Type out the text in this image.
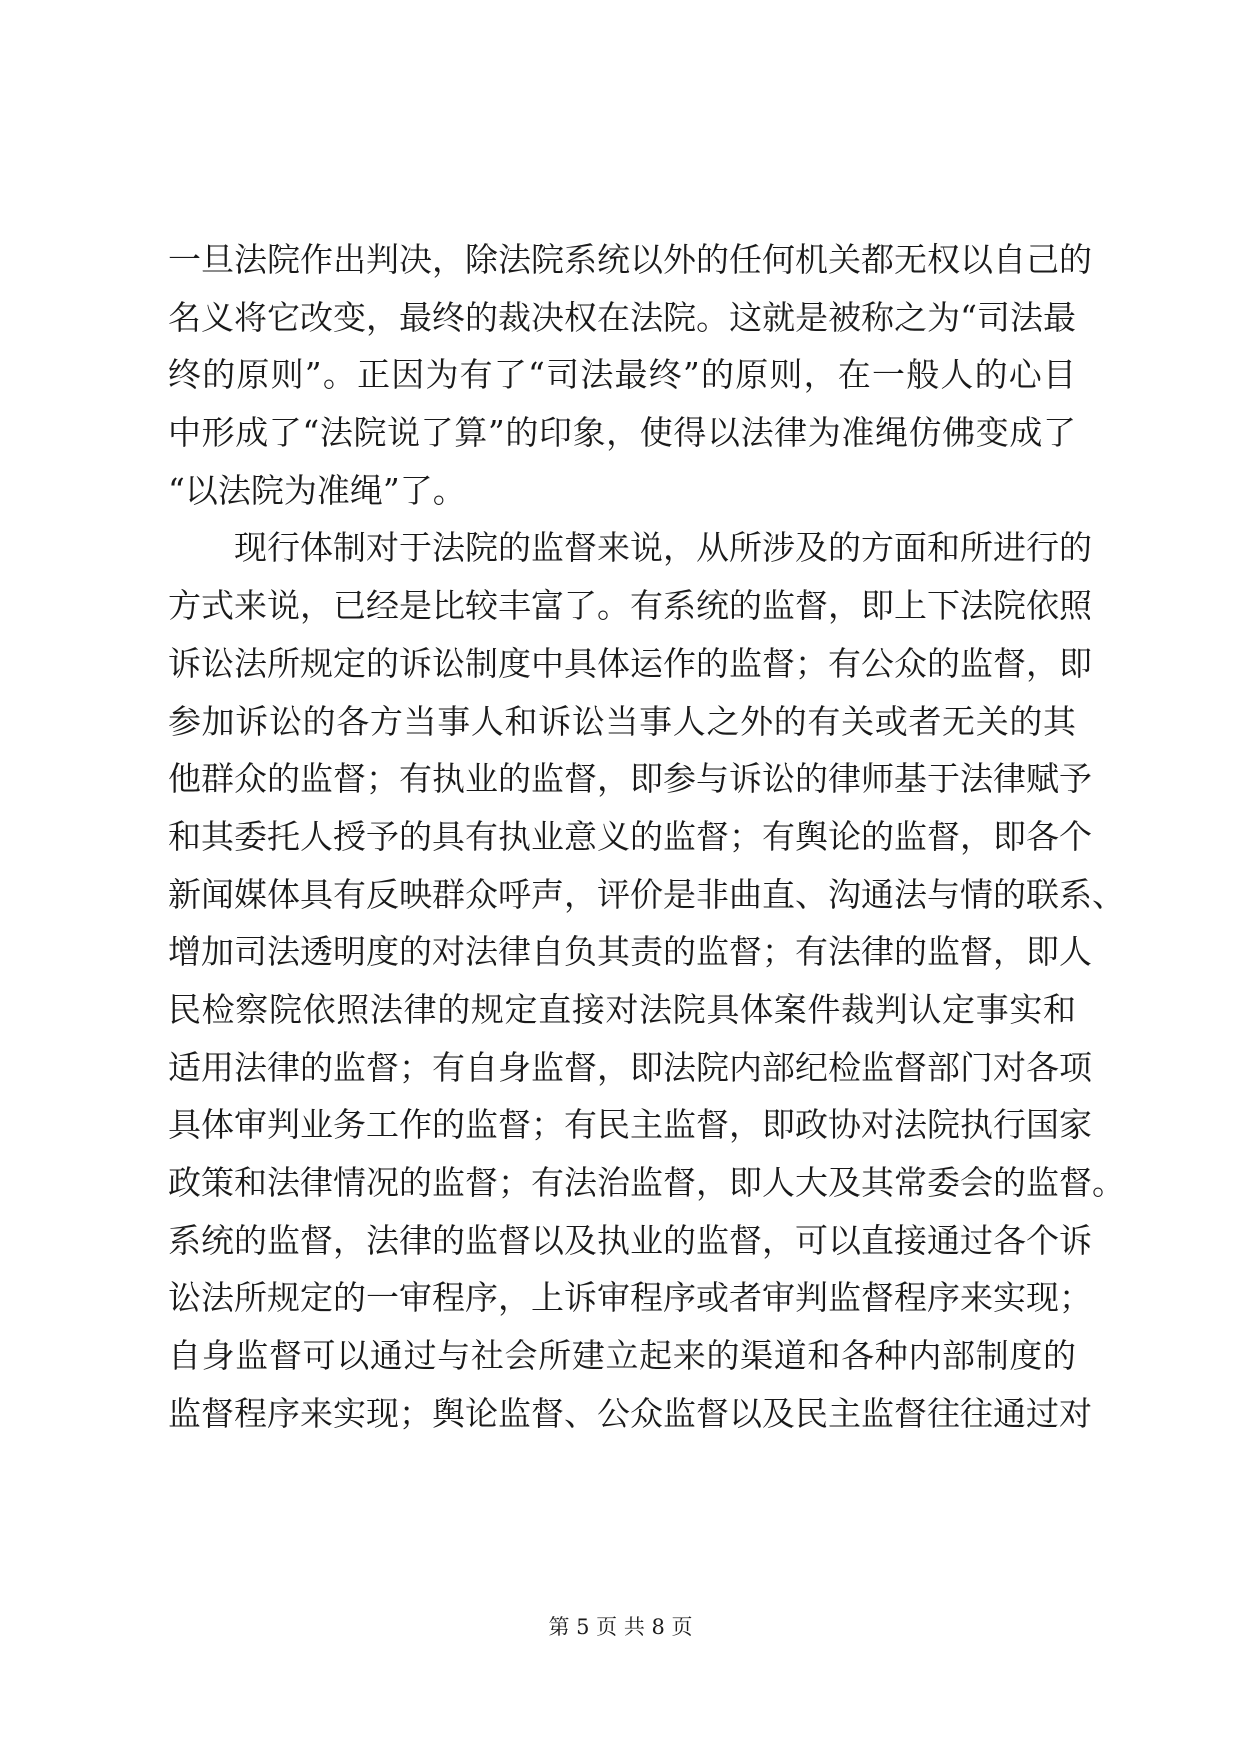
一旦法院作出判决，除法院系统以外的任何机关都无权以自己的
名义将它改变，最终的裁决权在法院。这就是被称之为“司法最
终的原则”。正因为有了“司法最终”的原则，在一般人的心目
中形成了“法院说了算”的印象，使得以法律为准绳仿佛变成了
“以法院为准绳”了。
现行体制对于法院的监督来说，从所涉及的方面和所进行的
方式来说，已经是比较丰富了。有系统的监督，即上下法院依照
诉讼法所规定的诉讼制度中具体运作的监督；有公众的监督，即
参加诉讼的各方当事人和诉讼当事人之外的有关或者无关的其
他群众的监督；有执业的监督，即参与诉讼的律师基于法律赋予
和其委托人授予的具有执业意义的监督；有舆论的监督，即各个
新闻媒体具有反映群众呼声，评价是非曲直、沟通法与情的联系、
增加司法透明度的对法律自负其责的监督；有法律的监督，即人
民检察院依照法律的规定直接对法院具体案件裁判认定事实和
适用法律的监督；有自身监督，即法院内部纪检监督部门对各项
具体审判业务工作的监督；有民主监督，即政协对法院执行国家
政策和法律情况的监督；有法治监督，即人大及其常委会的监督。
系统的监督，法律的监督以及执业的监督，可以直接通过各个诉
讼法所规定的一审程序，上诉审程序或者审判监督程序来实现；
自身监督可以通过与社会所建立起来的渠道和各种内部制度的
监督程序来实现；舆论监督、公众监督以及民主监督往往通过对
第 5 页 共 8 页
